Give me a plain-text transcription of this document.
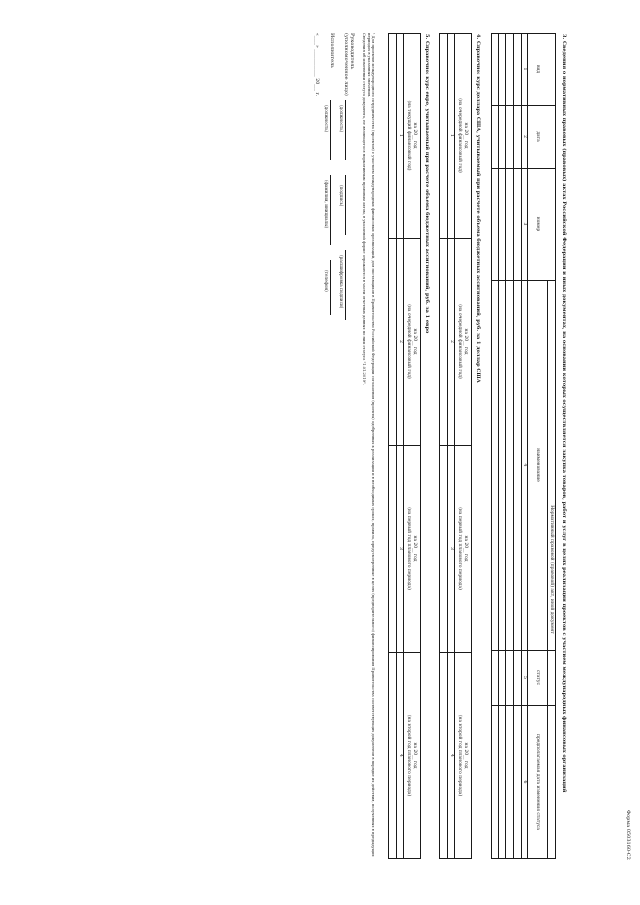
Форма 0503160-С2
3. Сведения о нормативных правовых (правовых) актах Российской Федерации и иных документах, на основании которых осуществляется закупка товаров, работ и услуг в целях реализации проектов с участием международных финансовых организаций
Нормативный правовой (правовой) акт, иной документ
вид
дата
номер
наименование
статус
предполагаемая дата изменения статуса
1
2
3
4
5
6
4. Справочно: курс доллара США, учитываемый при расчете объема бюджетных ассигнований, руб. за 1 доллар США
на 20__ год
(на очередной финансовый год)
на 20__ год
(на очередной финансовый год)
на 20__ год
(на первый год планового периода)
на 20__ год
(на второй год планового периода)
1
2
3
4
5. Справочно: курс евро, учитываемый при расчете объема бюджетных ассигнований, руб. за 1 евро
на 20__ год
(на текущий финансовый год)
на 20__ год
(на очередной финансовый год)
на 20__ год
(на первый год планового периода)
на 20__ год
(на второй год планового периода)
1
2
3
4
¹ Для проектов международного сотрудничества (проектов) с участием международных финансовых организаций, для поставщиков в Правительство Российской Федерации соглашения (проекты) одобренных к реализации и в необходимых сроках, правила, предусмотренные в целях (предварительного) финансирования Правительства соответствующих документов в порядке их действия, полученных в предыдущих периодах в указанных значения.
Сведения об изменении статуса документа, не являющегося нормативным правовым актом, в указанной форме отражаются в части отчетных данных по ним статуса "1.01.2019".
Руководитель
(уполномоченное лицо)
(должность)
(подпись)
(расшифровка подписи)
Исполнитель
(должность)
(фамилия, инициалы)
(телефон)
«____» ____________ 20___ г.
